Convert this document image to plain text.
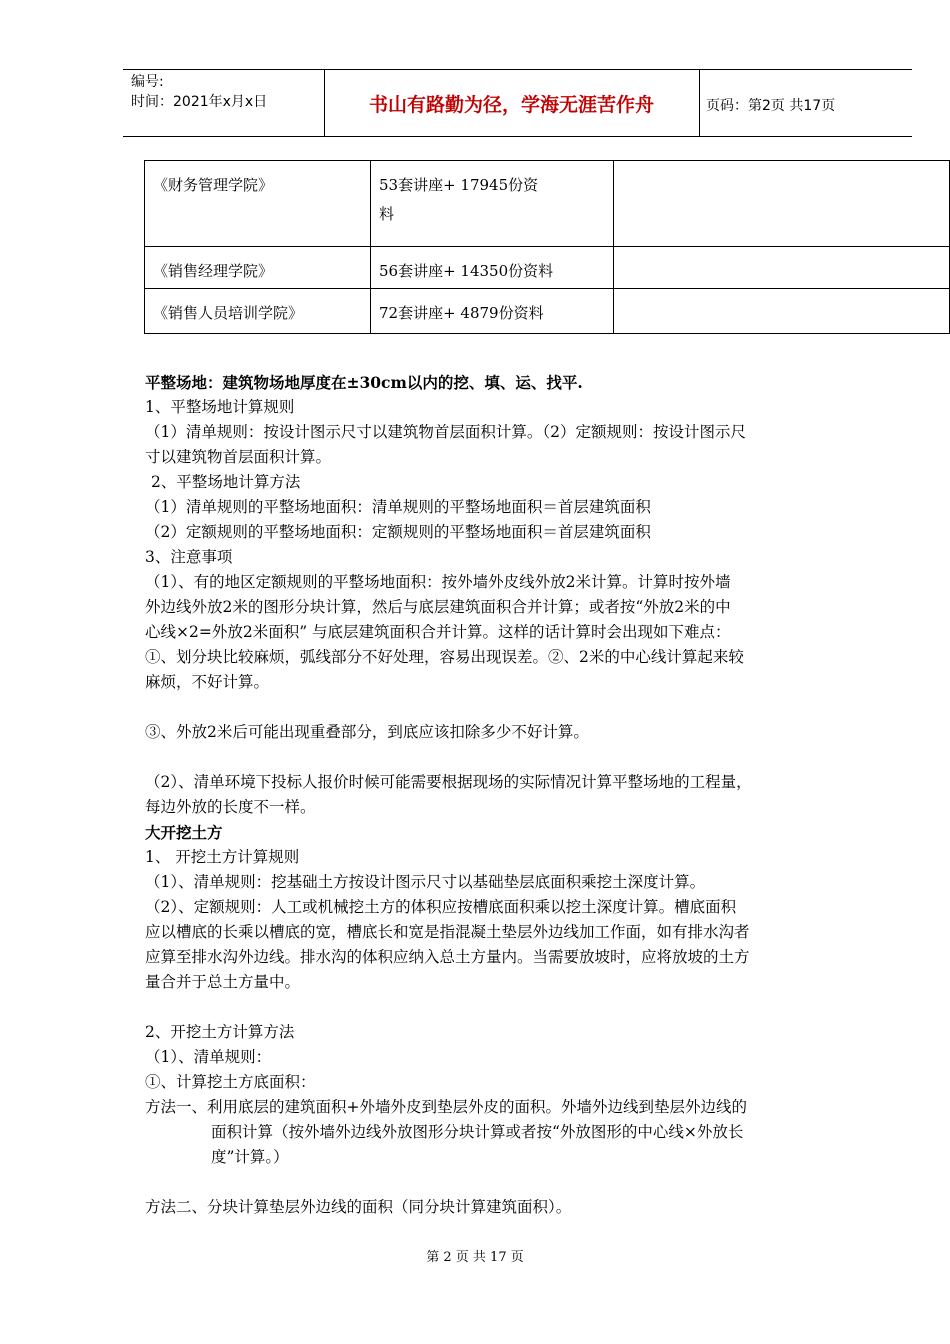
编号:
时间：2021年x月x日	书山有路勤为径，学海无涯苦作舟	页码：第2页 共17页
《财务管理学院》	53套讲座+ 17945份资
料	

《销售经理学院》	56套讲座+ 14350份资料	
《销售人员培训学院》	72套讲座+ 4879份资料	

平整场地：建筑物场地厚度在±30cm以内的挖、填、运、找平.

1、平整场地计算规则

（1）清单规则：按设计图示尺寸以建筑物首层面积计算。（2）定额规则：按设计图示尺

寸以建筑物首层面积计算。

2、平整场地计算方法

（1）清单规则的平整场地面积：清单规则的平整场地面积＝首层建筑面积

（2）定额规则的平整场地面积：定额规则的平整场地面积＝首层建筑面积

3、注意事项

（1）、有的地区定额规则的平整场地面积：按外墙外皮线外放2米计算。计算时按外墙

外边线外放2米的图形分块计算，然后与底层建筑面积合并计算；或者按“外放2米的中

心线×2=外放2米面积” 与底层建筑面积合并计算。这样的话计算时会出现如下难点：

①、划分块比较麻烦，弧线部分不好处理，容易出现误差。②、2米的中心线计算起来较

麻烦，不好计算。

③、外放2米后可能出现重叠部分，到底应该扣除多少不好计算。

（2）、清单环境下投标人报价时候可能需要根据现场的实际情况计算平整场地的工程量，

每边外放的长度不一样。

大开挖土方

1、 开挖土方计算规则

（1）、清单规则：挖基础土方按设计图示尺寸以基础垫层底面积乘挖土深度计算。

（2）、定额规则：人工或机械挖土方的体积应按槽底面积乘以挖土深度计算。槽底面积

应以槽底的长乘以槽底的宽，槽底长和宽是指混凝土垫层外边线加工作面，如有排水沟者

应算至排水沟外边线。排水沟的体积应纳入总土方量内。当需要放坡时，应将放坡的土方

量合并于总土方量中。

2、开挖土方计算方法

（1）、清单规则：

①、计算挖土方底面积：

方法一、利用底层的建筑面积+外墙外皮到垫层外皮的面积。外墙外边线到垫层外边线的

面积计算（按外墙外边线外放图形分块计算或者按“外放图形的中心线×外放长

度”计算。）

方法二、分块计算垫层外边线的面积（同分块计算建筑面积）。

第 2 页 共 17 页
